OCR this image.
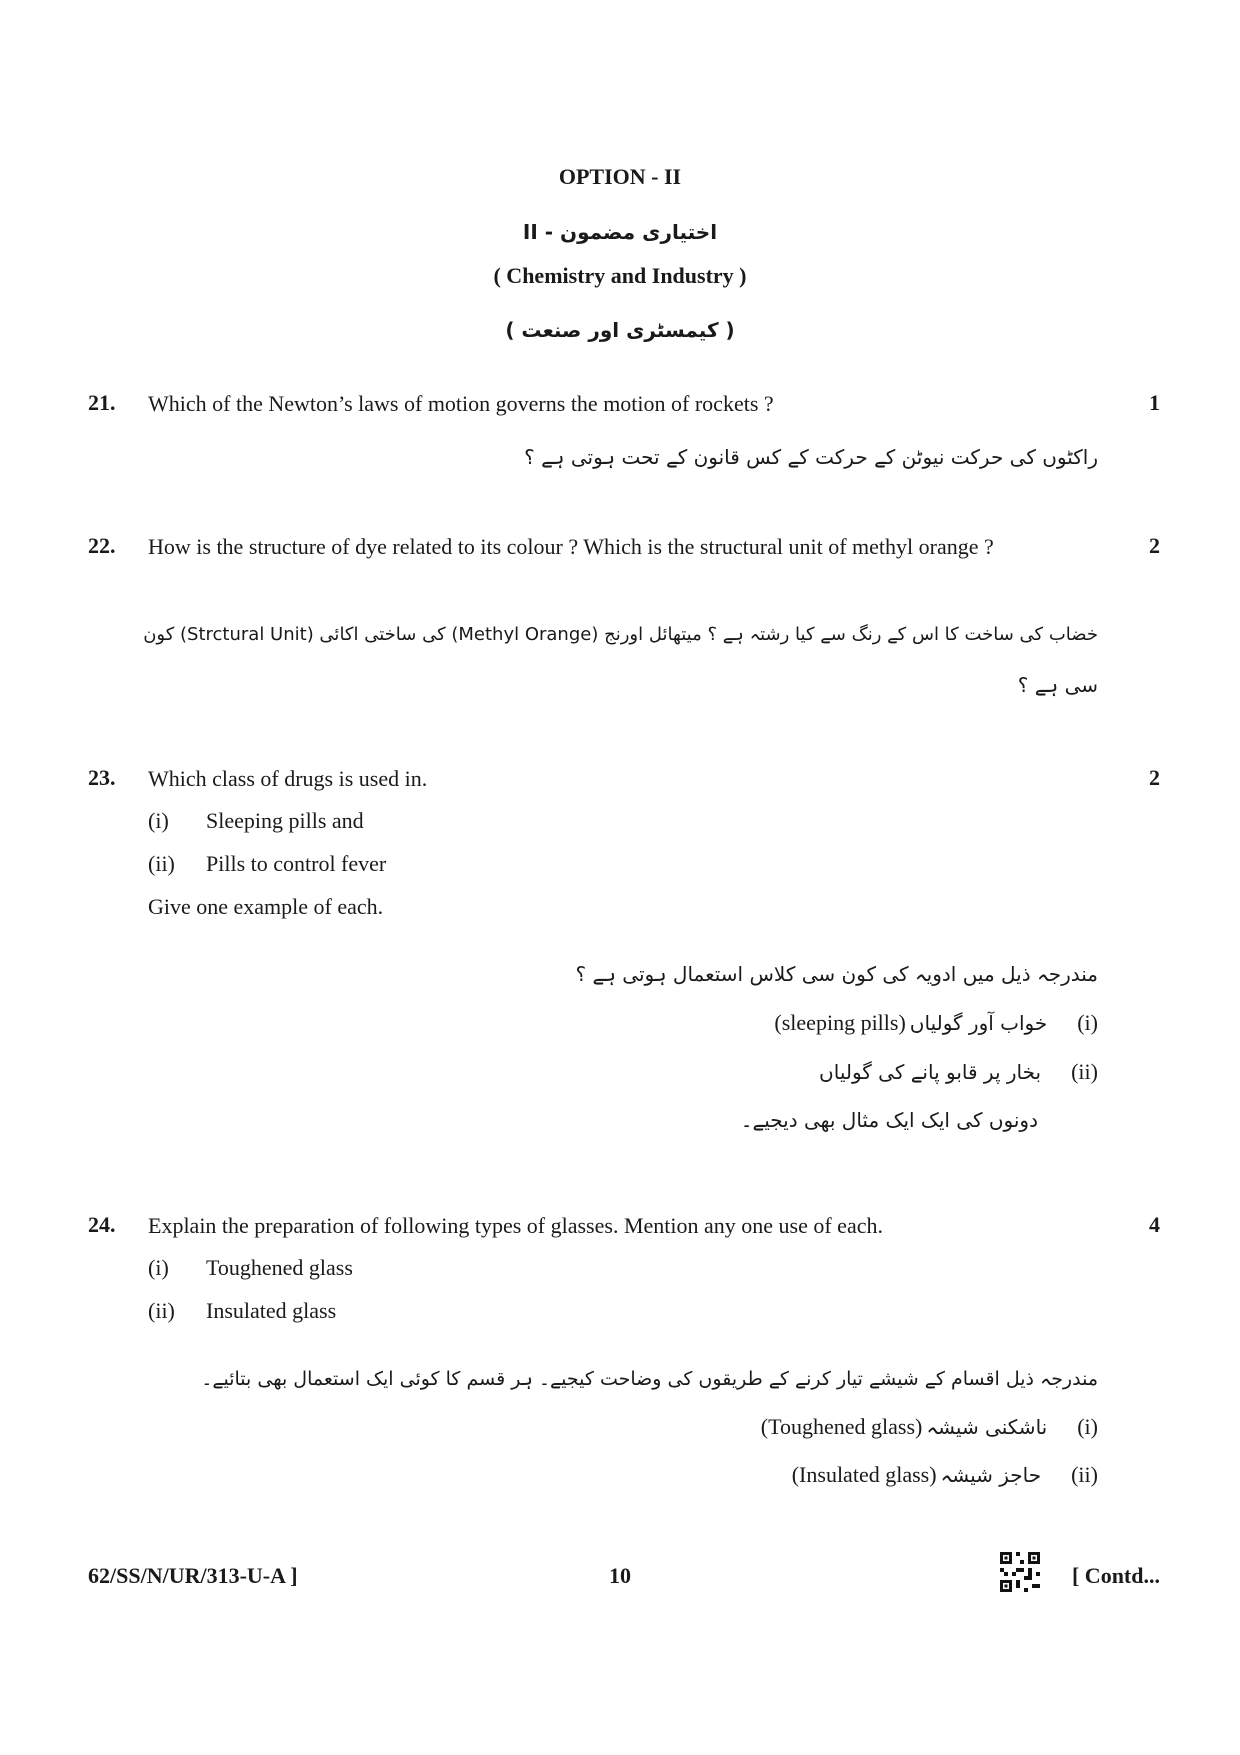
OPTION - II
اختیاری مضمون - II
( Chemistry and Industry )
( کیمسٹری اور صنعت )
21.	Which of the Newton’s laws of motion governs the motion of rockets ?	1
راکٹوں کی حرکت نیوٹن کے حرکت کے کس قانون کے تحت ہوتی ہے ؟
22.	How is the structure of dye related to its colour ? Which is the structural unit of methyl orange ?	2
خضاب کی ساخت کا اس کے رنگ سے کیا رشتہ ہے ؟ میتھائل اورنج (Methyl Orange) کی ساختی اکائی (Strctural Unit) کون
سی ہے ؟
23.	Which class of drugs is used in.	2
(i)	Sleeping pills and
(ii)	Pills to control fever
Give one example of each.
مندرجہ ذیل میں ادویہ کی کون سی کلاس استعمال ہوتی ہے ؟
(i)
خواب آور گولیاں
(sleeping pills)
(ii)
بخار پر قابو پانے کی گولیاں
دونوں کی ایک ایک مثال بھی دیجیے۔
24.	Explain the preparation of following types of glasses. Mention any one use of each.	4
(i)	Toughened glass
(ii)	Insulated glass
مندرجہ ذیل اقسام کے شیشے تیار کرنے کے طریقوں کی وضاحت کیجیے۔ ہر قسم کا کوئی ایک استعمال بھی بتائیے۔
(i)
ناشکنی شیشہ
(Toughened glass)
(ii)
حاجز شیشہ
(Insulated glass)
62/SS/N/UR/313-U-A ]	10	[ Contd...
